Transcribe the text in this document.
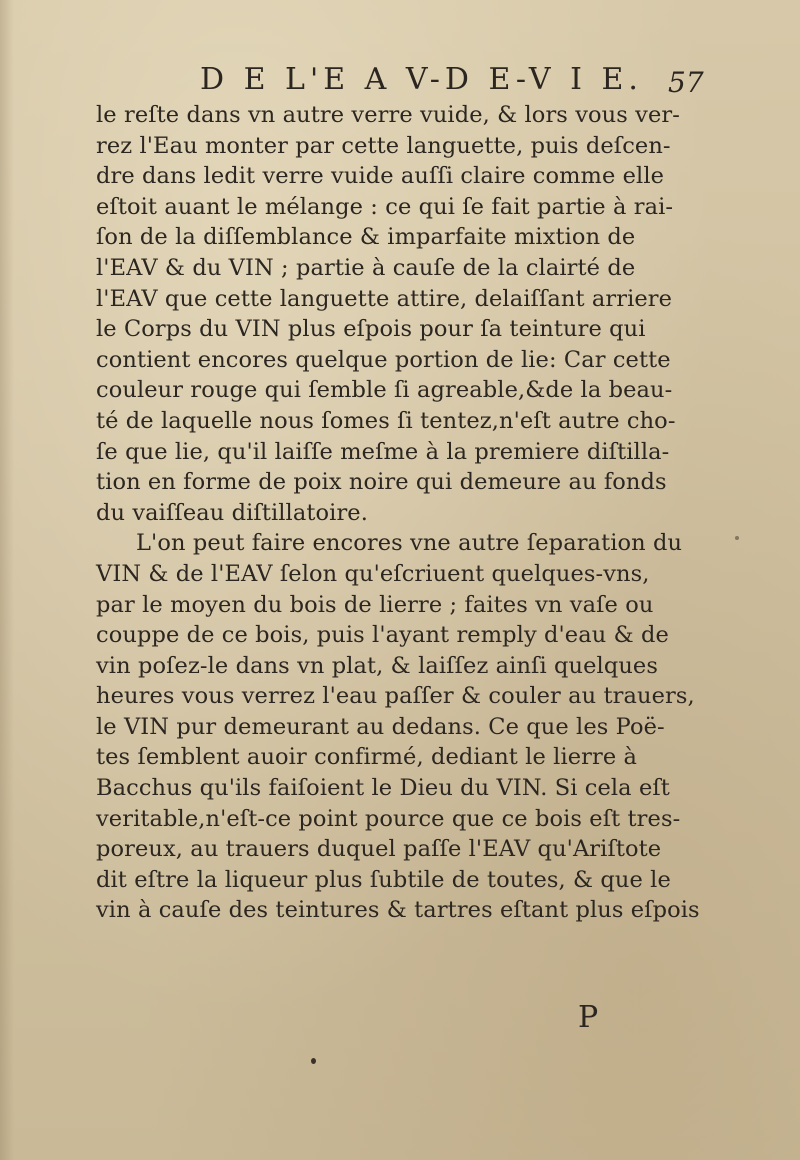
D E L'E A V-D E-V I E. 57
le reſte dans vn autre verre vuide, & lors vous ver-
rez l'Eau monter par cette languette, puis deſcen-
dre dans ledit verre vuide auſſi claire comme elle
eſtoit auant le mélange : ce qui ſe fait partie à rai-
ſon de la diſſemblance & imparfaite mixtion de
l'EAV & du VIN ; partie à cauſe de la clairté de
l'EAV que cette languette attire, delaiſſant arriere
le Corps du VIN plus eſpois pour ſa teinture qui
contient encores quelque portion de lie: Car cette
couleur rouge qui ſemble ſi agreable,&de la beau-
té de laquelle nous ſomes ſi tentez,n'eſt autre cho-
ſe que lie, qu'il laiſſe meſme à la premiere diſtilla-
tion en forme de poix noire qui demeure au fonds
du vaiſſeau diſtillatoire.
L'on peut faire encores vne autre ſeparation du
VIN & de l'EAV ſelon qu'eſcriuent quelques-vns,
par le moyen du bois de lierre ; faites vn vaſe ou
couppe de ce bois, puis l'ayant remply d'eau & de
vin poſez-le dans vn plat, & laiſſez ainſi quelques
heures vous verrez l'eau paſſer & couler au trauers,
le VIN pur demeurant au dedans. Ce que les Poë-
tes ſemblent auoir confirmé, dediant le lierre à
Bacchus qu'ils faiſoient le Dieu du VIN. Si cela eſt
veritable,n'eſt-ce point pource que ce bois eſt tres-
poreux, au trauers duquel paſſe l'EAV qu'Ariſtote
dit eſtre la liqueur plus ſubtile de toutes, & que le
vin à cauſe des teintures & tartres eſtant plus eſpois
P
